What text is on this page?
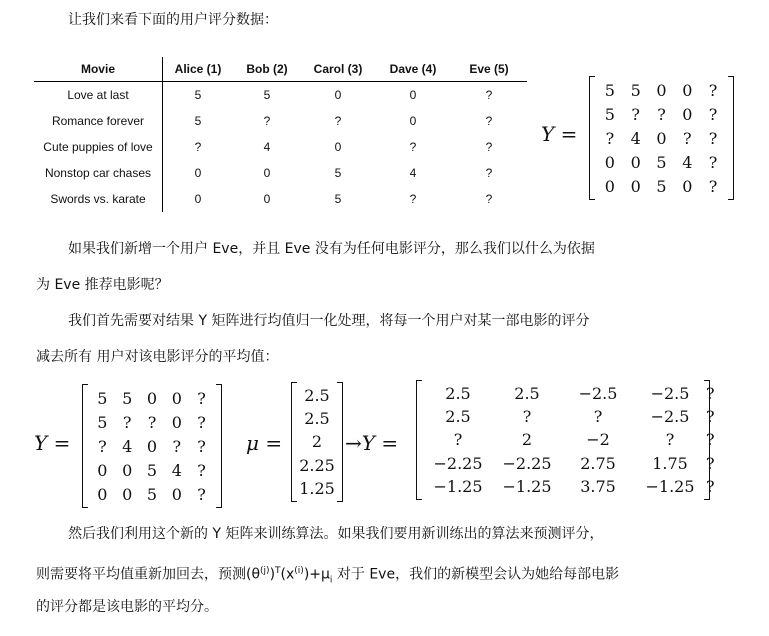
让我们来看下面的用户评分数据：
Movie	Alice (1)	Bob (2)	Carol (3)	Dave (4)	Eve (5)
Love at last	5	5	0	0	?
Romance forever	5	?	?	0	?
Cute puppies of love	?	4	0	?	?
Nonstop car chases	0	0	5	4	?
Swords vs. karate	0	0	5	?	?
Y =
5 5 0 0	?
5	?	?	0	?
?	4 0	?	?
0 0 5 4	?
0 0 5 0	?
如果我们新增一个用户 Eve，并且 Eve 没有为任何电影评分，那么我们以什么为依据
为 Eve 推荐电影呢？
我们首先需要对结果 Y 矩阵进行均值归一化处理，将每一个用户对某一部电影的评分
减去所有 用户对该电影评分的平均值：
Y =
5 5 0 0 ?
5 ?	? 0 ?
? 4 0 ?	?
0 0 5 4 ?
0 0 5 0 ?
μ =
2.5
2.5
2
2.25
1.25
→Y =
2.5	2.5	−2.5	−2.5	?
2.5	?	?	−2.5	?
?	2	−2	?	?
−2.25	−2.25	2.75	1.75	?
−1.25	−1.25	3.75	−1.25 ?
然后我们利用这个新的 Y 矩阵来训练算法。如果我们要用新训练出的算法来预测评分，
则需要将平均值重新加回去，预测$(\theta^{(j)})^T(x^{(i)})+\mu_i$ 对于 Eve，我们的新模型会认为她给每部电影
的评分都是该电影的平均分。
